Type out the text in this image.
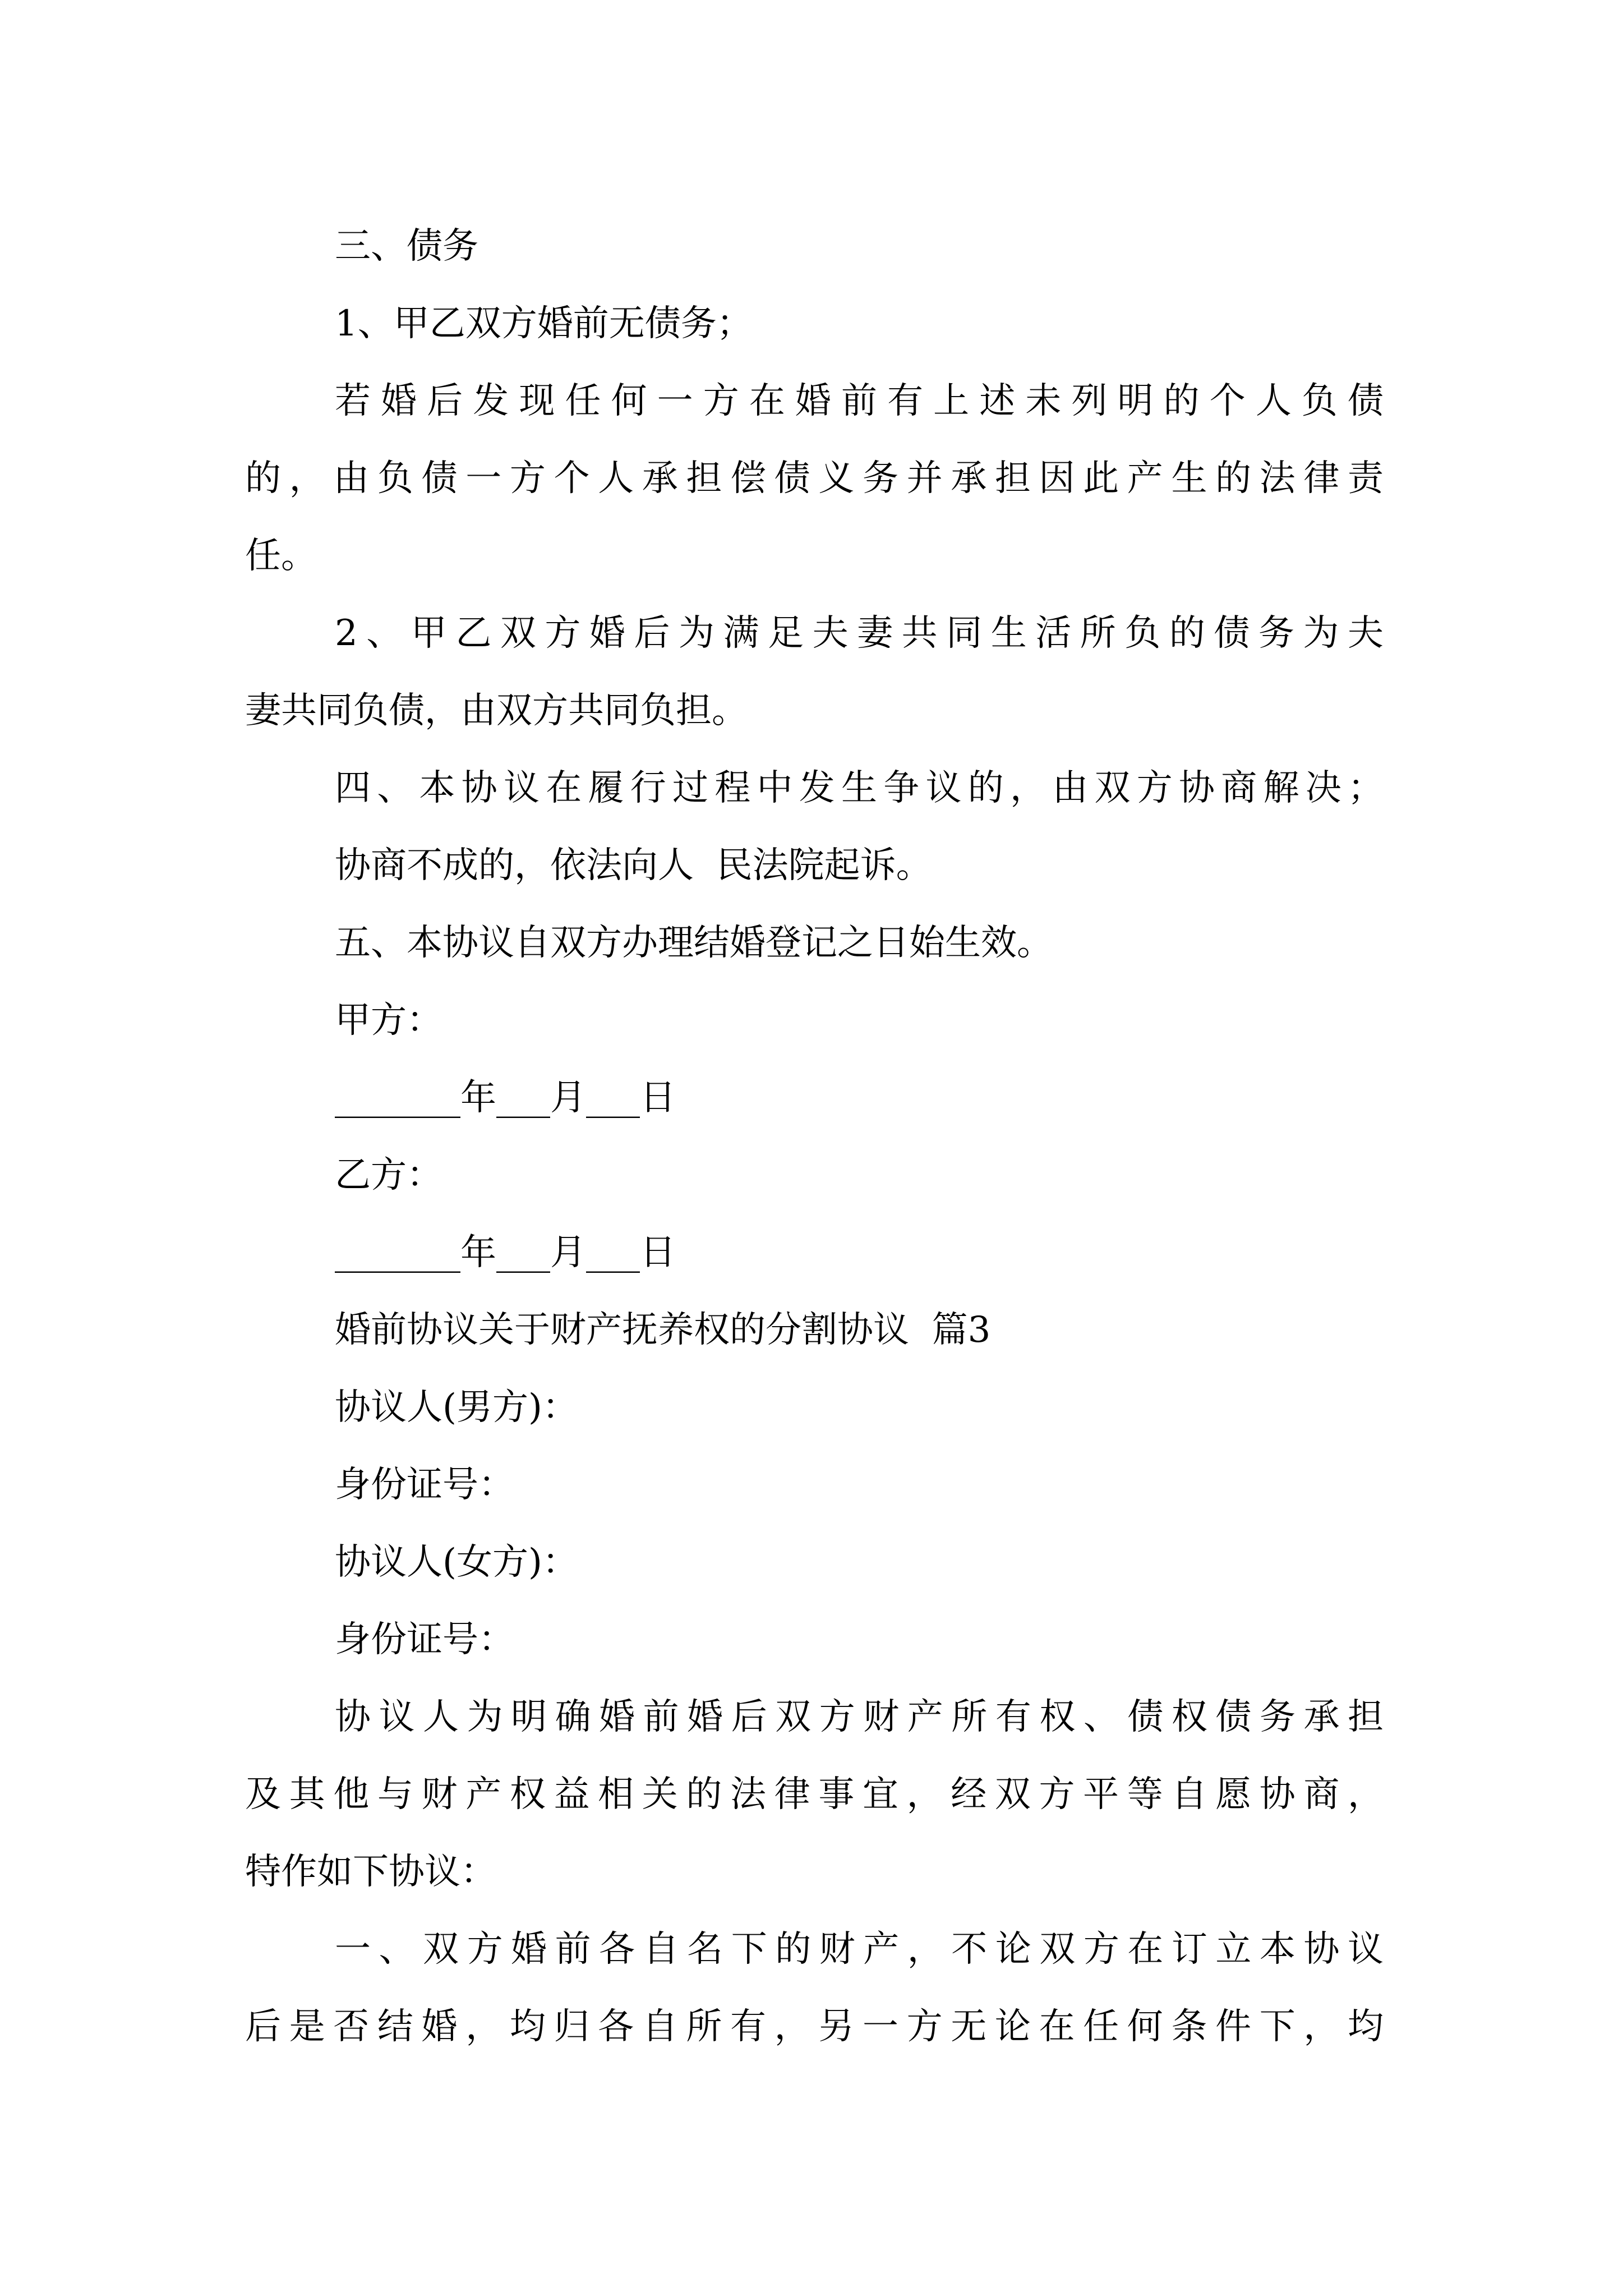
三、债务
1、甲乙双方婚前无债务；
若婚后发现任何一方在婚前有上述未列明的个人负债
的，由负债一方个人承担偿债义务并承担因此产生的法律责
任。
2、甲乙双方婚后为满足夫妻共同生活所负的债务为夫
妻共同负债，由双方共同负担。
四、本协议在履行过程中发生争议的，由双方协商解决；
协商不成的，依法向人  民法院起诉。
五、本协议自双方办理结婚登记之日始生效。
甲方：
_______年___月___日
乙方：
_______年___月___日
婚前协议关于财产抚养权的分割协议  篇3
协议人(男方)：
身份证号：
协议人(女方)：
身份证号：
协议人为明确婚前婚后双方财产所有权、债权债务承担
及其他与财产权益相关的法律事宜，经双方平等自愿协商，
特作如下协议：
一、双方婚前各自名下的财产，不论双方在订立本协议
后是否结婚，均归各自所有，另一方无论在任何条件下，均
